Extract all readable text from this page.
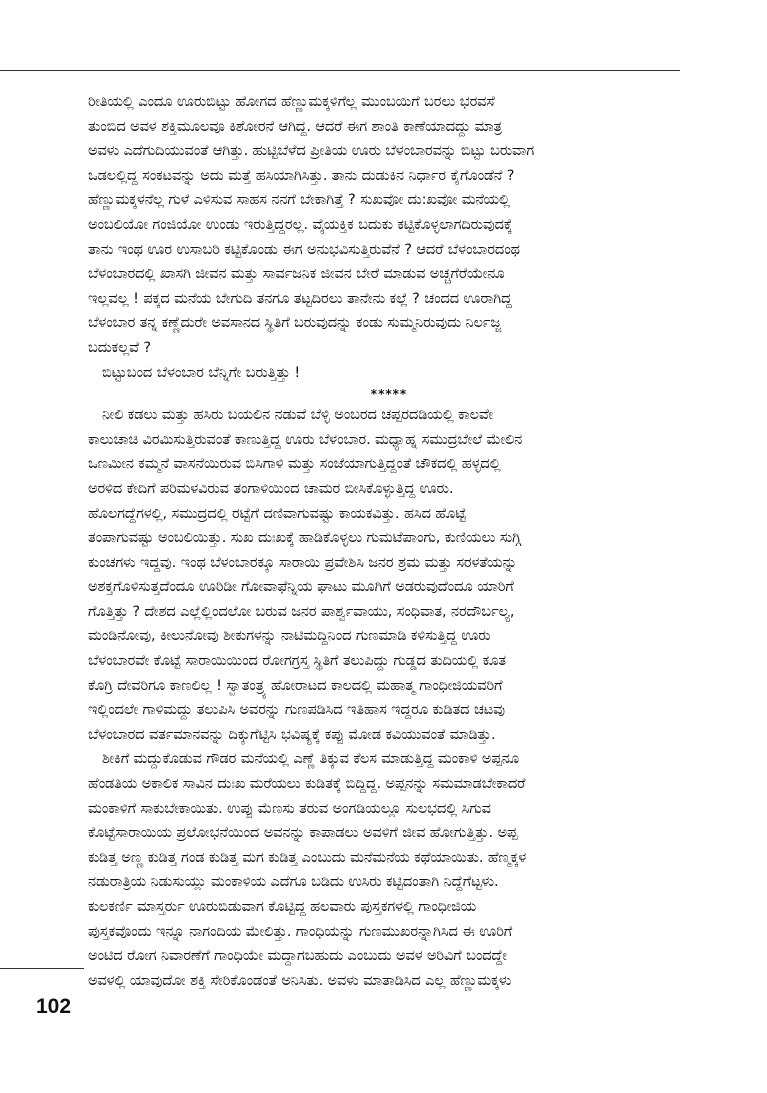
ರೀತಿಯಲ್ಲಿ ಎಂದೂ ಊರುಬಿಟ್ಟು ಹೋಗದ ಹೆಣ್ಣುಮಕ್ಕಳಿಗೆಲ್ಲ ಮುಂಬಯಿಗೆ ಬರಲು ಭರವಸೆ
ತುಂಬಿದ ಅವಳ ಶಕ್ತಿಮೂಲವೂ ಕಿಶೋರನೆ ಆಗಿದ್ದ. ಆದರೆ ಈಗ ಶಾಂತಿ ಕಾಣೆಯಾದದ್ದು ಮಾತ್ರ
ಅವಳು ಎದೆಗುದಿಯುವಂತೆ ಆಗಿತ್ತು. ಹುಟ್ಟಿಬೆಳೆದ ಪ್ರೀತಿಯ ಊರು ಬೆಳಂಬಾರವನ್ನು ಬಿಟ್ಟು ಬರುವಾಗ
ಒಡಲಲ್ಲಿದ್ದ ಸಂಕಟವನ್ನು ಅದು ಮತ್ತೆ ಹಸಿಯಾಗಿಸಿತ್ತು. ತಾನು ದುಡುಕಿನ ನಿರ್ಧಾರ ಕೈಗೊಂಡೆನೆ ?
ಹೆಣ್ಣುಮಕ್ಕಳನೆಲ್ಲ ಗುಳೆ ಎಳಿಸುವ ಸಾಹಸ ನನಗೆ ಬೇಕಾಗಿತ್ತೆ ? ಸುಖವೋ ದು:ಖವೋ ಮನೆಯಲ್ಲಿ
ಅಂಬಲಿಯೋ ಗಂಜಿಯೋ ಉಂಡು ಇರುತ್ತಿದ್ದರಲ್ಲ. ವೈಯಕ್ತಿಕ ಬದುಕು ಕಟ್ಟಿಕೊಳ್ಳಲಾಗದಿರುವುದಕ್ಕೆ
ತಾನು ಇಂಥ ಊರ ಉಸಾಬರಿ ಕಟ್ಟಿಕೊಂಡು ಈಗ ಅನುಭವಿಸುತ್ತಿರುವೆನೆ ? ಆದರೆ ಬೆಳಂಬಾರದಂಥ
ಬೆಳಂಬಾರದಲ್ಲಿ ಖಾಸಗಿ ಜೀವನ ಮತ್ತು ಸಾರ್ವಜನಿಕ ಜೀವನ ಬೇರೆ ಮಾಡುವ ಅಚ್ಚಗೆರೆಯೇನೂ
ಇಲ್ಲವಲ್ಲ ! ಪಕ್ಕದ ಮನೆಯ ಬೇಗುದಿ ತನಗೂ ತಟ್ಟದಿರಲು ತಾನೇನು ಕಲ್ಲೆ ? ಚಂದದ ಊರಾಗಿದ್ದ
ಬೆಳಂಬಾರ ತನ್ನ ಕಣ್ಣೆದುರೇ ಅವಸಾನದ ಸ್ಥಿತಿಗೆ ಬರುವುದನ್ನು ಕಂಡು ಸುಮ್ಮನಿರುವುದು ನಿರ್ಲಜ್ಜ
ಬದುಕಲ್ಲವೆ ?
ಬಿಟ್ಟುಬಂದ ಬೆಳಂಬಾರ ಬೆನ್ನಿಗೇ ಬರುತ್ತಿತ್ತು !
*****
ನೀಲಿ ಕಡಲು ಮತ್ತು ಹಸಿರು ಬಯಲಿನ ನಡುವೆ ಬೆಳ್ಳಿ ಅಂಬರದ ಚಪ್ಪರದಡಿಯಲ್ಲಿ ಕಾಲವೇ
ಕಾಲುಚಾಚಿ ವಿರಮಿಸುತ್ತಿರುವಂತೆ ಕಾಣುತ್ತಿದ್ದ ಊರು ಬೆಳಂಬಾರ. ಮಧ್ಯಾಹ್ನ ಸಮುದ್ರಬೇಲೆ ಮೇಲಿನ
ಒಣಮೀನ ಕಮ್ಮನೆ ವಾಸನೆಯಿರುವ ಬಿಸಿಗಾಳಿ ಮತ್ತು ಸಂಜೆಯಾಗುತ್ತಿದ್ದಂತೆ ಚೌಕದಲ್ಲಿ ಹಳ್ಳದಲ್ಲಿ
ಅರಳಿದ ಕೇದಿಗೆ ಪರಿಮಳವಿರುವ ತಂಗಾಳಿಯಿಂದ ಚಾಮರ ಬೀಸಿಕೊಳ್ಳುತ್ತಿದ್ದ ಊರು.
ಹೊಲಗದ್ದೆಗಳಲ್ಲಿ, ಸಮುದ್ರದಲ್ಲಿ ರಟ್ಟೆಗೆ ದಣಿವಾಗುವಷ್ಟು ಕಾಯಕವಿತ್ತು. ಹಸಿದ ಹೊಟ್ಟೆ
ತಂಪಾಗುವಷ್ಟು ಅಂಬಲಿಯಿತ್ತು. ಸುಖ ದುಃಖಕ್ಕೆ ಹಾಡಿಕೊಳ್ಳಲು ಗುಮಟೆಪಾಂಗು, ಕುಣಿಯಲು ಸುಗ್ಗಿ
ಕುಂಚಗಳು ಇದ್ದವು. ಇಂಥ ಬೆಳಂಬಾರಕ್ಕೂ ಸಾರಾಯಿ ಪ್ರವೇಶಿಸಿ ಜನರ ಶ್ರಮ ಮತ್ತು ಸರಳತೆಯನ್ನು
ಅಶಕ್ತಗೊಳಿಸುತ್ತದೆಂದೂ ಊರಿಡೀ ಗೋವಾಫೆನ್ನಿಯ ಘಾಟು ಮೂಗಿಗೆ ಅಡರುವುದೆಂದೂ ಯಾರಿಗೆ
ಗೊತ್ತಿತ್ತು ? ದೇಶದ ಎಲ್ಲೆಲ್ಲಿಂದಲೋ ಬರುವ ಜನರ ಪಾರ್ಶ್ವವಾಯು, ಸಂಧಿವಾತ, ನರದೌರ್ಬಲ್ಯ,
ಮಂಡಿನೋವು, ಕೀಲುನೋವು ಶೀಕುಗಳನ್ನು ನಾಟಿಮದ್ದಿನಿಂದ ಗುಣಮಾಡಿ ಕಳಿಸುತ್ತಿದ್ದ ಊರು
ಬೆಳಂಬಾರವೇ ಕೊಟ್ಟೆ ಸಾರಾಯಿಯಿಂದ ರೋಗಗ್ರಸ್ತ ಸ್ಥಿತಿಗೆ ತಲುಪಿದ್ದು ಗುಡ್ಡದ ತುದಿಯಲ್ಲಿ ಕೂತ
ಕೊಗ್ರಿ ದೇವರಿಗೂ ಕಾಣಲಿಲ್ಲ ! ಸ್ವಾತಂತ್ರ್ಯ ಹೋರಾಟದ ಕಾಲದಲ್ಲಿ ಮಹಾತ್ಮ ಗಾಂಧೀಜಿಯವರಿಗೆ
ಇಲ್ಲಿಂದಲೇ ಗಾಳಿಮದ್ದು ತಲುಪಿಸಿ ಅವರನ್ನು ಗುಣಪಡಿಸಿದ ಇತಿಹಾಸ ಇದ್ದರೂ ಕುಡಿತದ ಚಟವು
ಬೆಳಂಬಾರದ ವರ್ತಮಾನವನ್ನು ದಿಕ್ಕುಗೆಟ್ಟಿಸಿ ಭವಿಷ್ಯಕ್ಕೆ ಕಪ್ಪು ಮೋಡ ಕವಿಯುವಂತೆ ಮಾಡಿತ್ತು.
ಶೀಕಿಗೆ ಮದ್ದುಕೊಡುವ ಗೌಡರ ಮನೆಯಲ್ಲಿ ಎಣ್ಣೆ ತಿಕ್ಕುವ ಕೆಲಸ ಮಾಡುತ್ತಿದ್ದ ಮಂಕಾಳಿ ಅಪ್ಪನೂ
ಹೆಂಡತಿಯ ಅಕಾಲಿಕ ಸಾವಿನ ದುಃಖ ಮರೆಯಲು ಕುಡಿತಕ್ಕೆ ಬಿದ್ದಿದ್ದ. ಅಪ್ಪನನ್ನು ಸಮಮಾಡಬೇಕಾದರೆ
ಮಂಕಾಳಿಗೆ ಸಾಕುಬೇಕಾಯಿತು. ಉಪ್ಪು ಮೆಣಸು ತರುವ ಅಂಗಡಿಯಲ್ಲೂ ಸುಲಭದಲ್ಲಿ ಸಿಗುವ
ಕೊಟ್ಟೆಸಾರಾಯಿಯ ಪ್ರಲೋಭನೆಯಿಂದ ಅವನನ್ನು ಕಾಪಾಡಲು ಅವಳಿಗೆ ಜೀವ ಹೋಗುತ್ತಿತ್ತು. ಅಪ್ಪ
ಕುಡಿತ್ತ ಅಣ್ಣ ಕುಡಿತ್ತ ಗಂಡ ಕುಡಿತ್ತ ಮಗ ಕುಡಿತ್ತ ಎಂಬುದು ಮನೆಮನೆಯ ಕಥೆಯಾಯಿತು. ಹೆಣ್ಮಕ್ಕಳ
ನಡುರಾತ್ರಿಯ ನಿಡುಸುಯ್ಲು ಮಂಕಾಳಿಯ ಎದೆಗೂ ಬಡಿದು ಉಸಿರು ಕಟ್ಟಿದಂತಾಗಿ ನಿದ್ದೆಗೆಟ್ಟಳು.
ಕುಲಕರ್ಣಿ ಮಾಸ್ತರ್ರು ಊರುಬಿಡುವಾಗ ಕೊಟ್ಟಿದ್ದ ಹಲವಾರು ಪುಸ್ತಕಗಳಲ್ಲಿ ಗಾಂಧೀಜಿಯ
ಪುಸ್ತಕವೊಂದು ಇನ್ನೂ ನಾಗಂದಿಯ ಮೇಲಿತ್ತು. ಗಾಂಧಿಯನ್ನು ಗುಣಮುಖರನ್ನಾಗಿಸಿದ ಈ ಊರಿಗೆ
ಅಂಟಿದ ರೋಗ ನಿವಾರಣೆಗೆ ಗಾಂಧಿಯೇ ಮದ್ದಾಗಬಹುದು ಎಂಬುದು ಅವಳ ಅರಿವಿಗೆ ಬಂದದ್ದೇ
ಅವಳಲ್ಲಿ ಯಾವುದೋ ಶಕ್ತಿ ಸೇರಿಕೊಂಡಂತೆ ಅನಿಸಿತು. ಅವಳು ಮಾತಾಡಿಸಿದ ಎಲ್ಲ ಹೆಣ್ಣುಮಕ್ಕಳು
102
